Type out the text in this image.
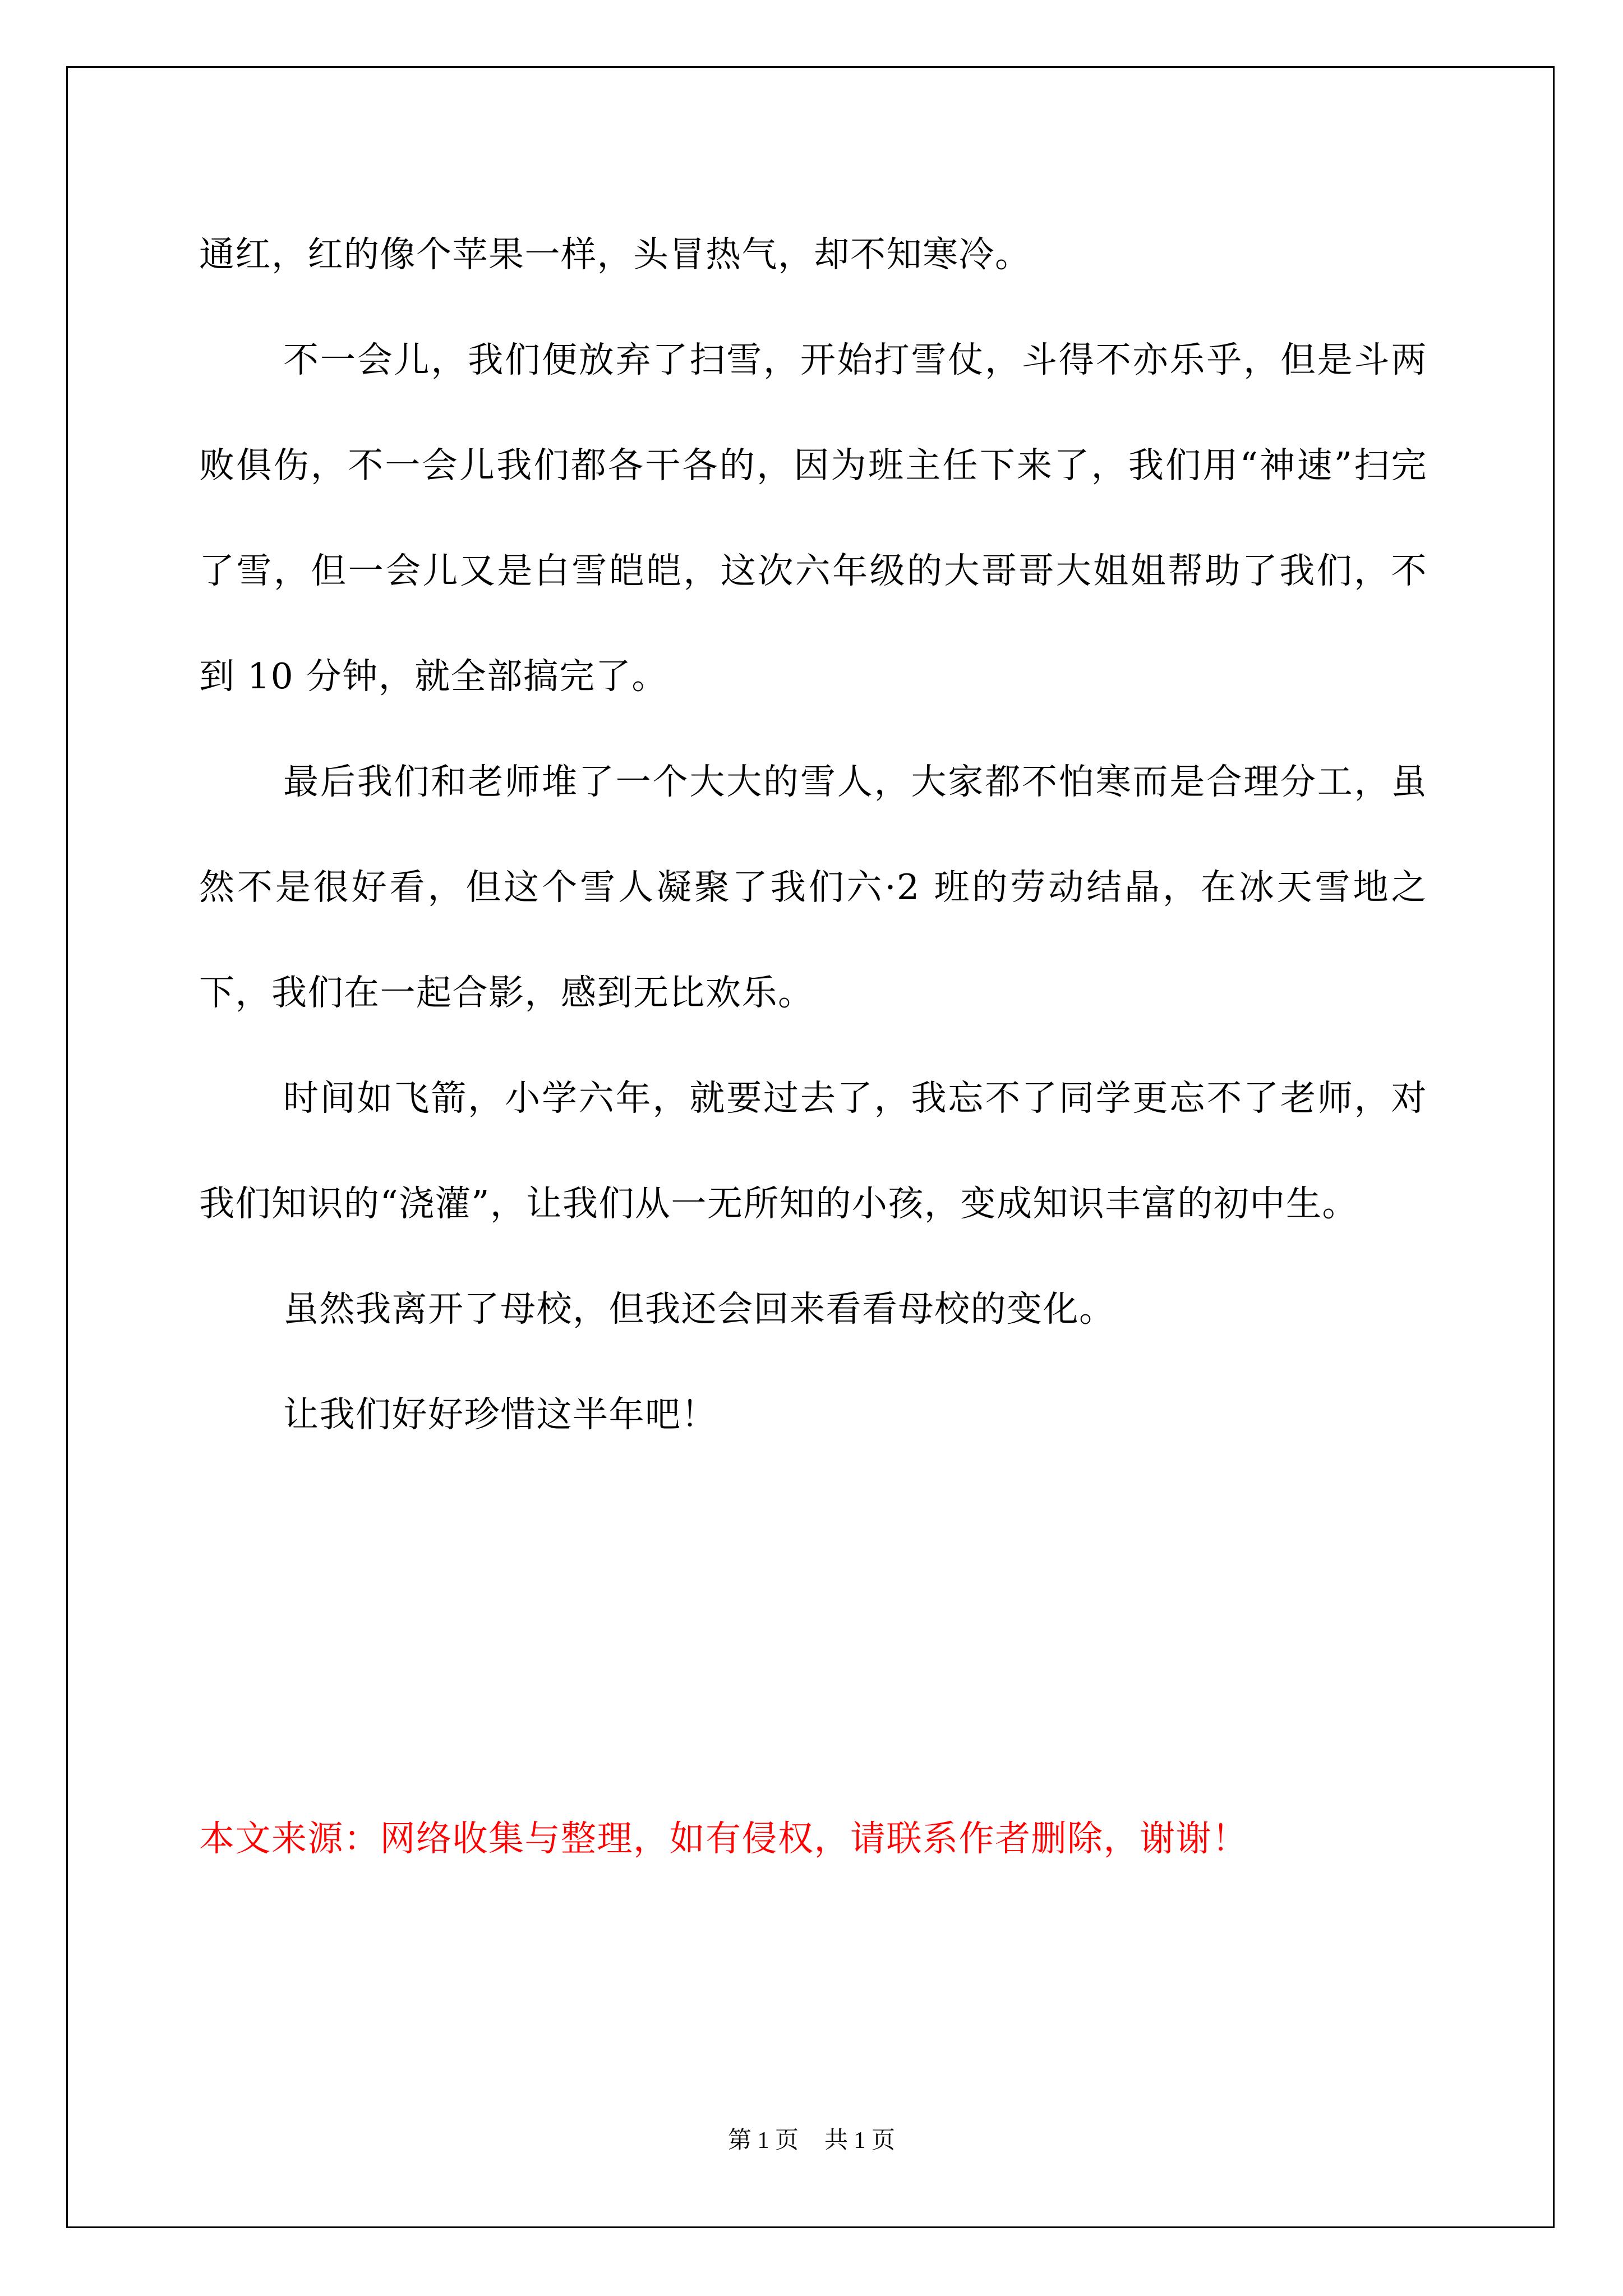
通红，红的像个苹果一样，头冒热气，却不知寒冷。

不一会儿，我们便放弃了扫雪，开始打雪仗，斗得不亦乐乎，但是斗两败俱伤，不一会儿我们都各干各的，因为班主任下来了，我们用“神速”扫完了雪，但一会儿又是白雪皑皑，这次六年级的大哥哥大姐姐帮助了我们，不到 10 分钟，就全部搞完了。

最后我们和老师堆了一个大大的雪人，大家都不怕寒而是合理分工，虽然不是很好看，但这个雪人凝聚了我们六·2 班的劳动结晶，在冰天雪地之下，我们在一起合影，感到无比欢乐。

时间如飞箭，小学六年，就要过去了，我忘不了同学更忘不了老师，对我们知识的“浇灌”，让我们从一无所知的小孩，变成知识丰富的初中生。

虽然我离开了母校，但我还会回来看看母校的变化。

让我们好好珍惜这半年吧！

本文来源：网络收集与整理，如有侵权，请联系作者删除，谢谢！

第 1 页 共 1 页
